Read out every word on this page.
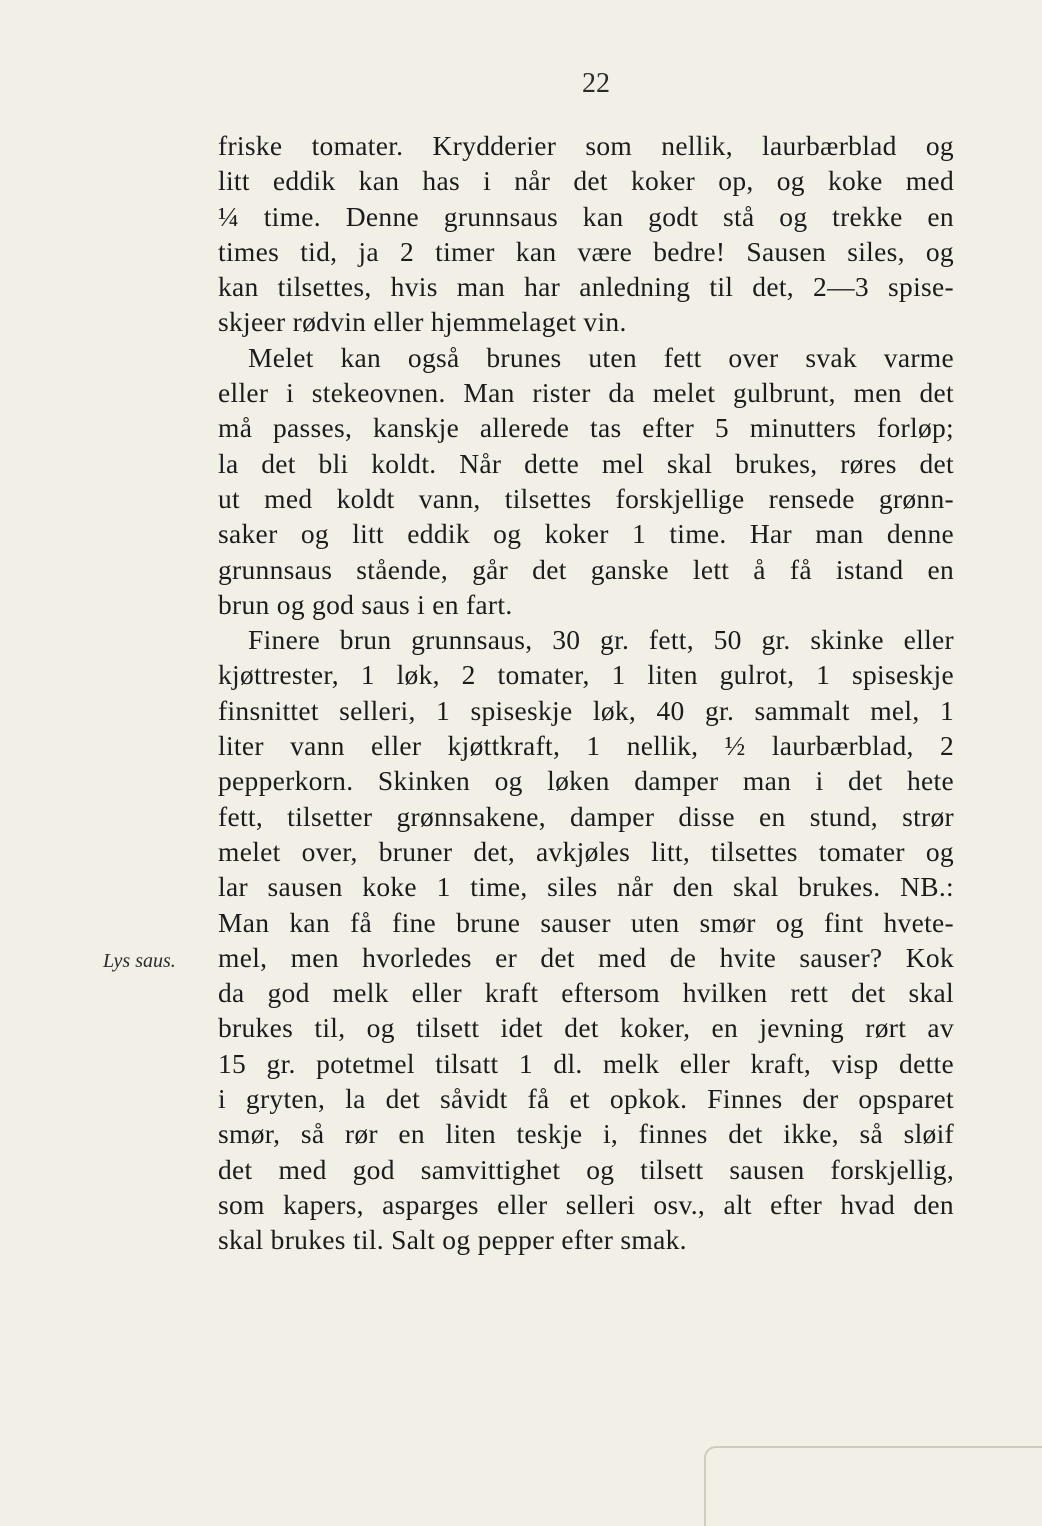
22
Lys saus.
friske tomater. Krydderier som nellik, laurbærblad og
litt eddik kan has i når det koker op, og koke med
¼ time. Denne grunnsaus kan godt stå og trekke en
times tid, ja 2 timer kan være bedre! Sausen siles, og
kan tilsettes, hvis man har anledning til det, 2—3 spise-
skjeer rødvin eller hjemmelaget vin.
Melet kan også brunes uten fett over svak varme
eller i stekeovnen. Man rister da melet gulbrunt, men det
må passes, kanskje allerede tas efter 5 minutters forløp;
la det bli koldt. Når dette mel skal brukes, røres det
ut med koldt vann, tilsettes forskjellige rensede grønn-
saker og litt eddik og koker 1 time. Har man denne
grunnsaus stående, går det ganske lett å få istand en
brun og god saus i en fart.
Finere brun grunnsaus, 30 gr. fett, 50 gr. skinke eller
kjøttrester, 1 løk, 2 tomater, 1 liten gulrot, 1 spiseskje
finsnittet selleri, 1 spiseskje løk, 40 gr. sammalt mel, 1
liter vann eller kjøttkraft, 1 nellik, ½ laurbærblad, 2
pepperkorn. Skinken og løken damper man i det hete
fett, tilsetter grønnsakene, damper disse en stund, strør
melet over, bruner det, avkjøles litt, tilsettes tomater og
lar sausen koke 1 time, siles når den skal brukes. NB.:
Man kan få fine brune sauser uten smør og fint hvete-
mel, men hvorledes er det med de hvite sauser? Kok
da god melk eller kraft eftersom hvilken rett det skal
brukes til, og tilsett idet det koker, en jevning rørt av
15 gr. potetmel tilsatt 1 dl. melk eller kraft, visp dette
i gryten, la det såvidt få et opkok. Finnes der opsparet
smør, så rør en liten teskje i, finnes det ikke, så sløif
det med god samvittighet og tilsett sausen forskjellig,
som kapers, asparges eller selleri osv., alt efter hvad den
skal brukes til. Salt og pepper efter smak.
